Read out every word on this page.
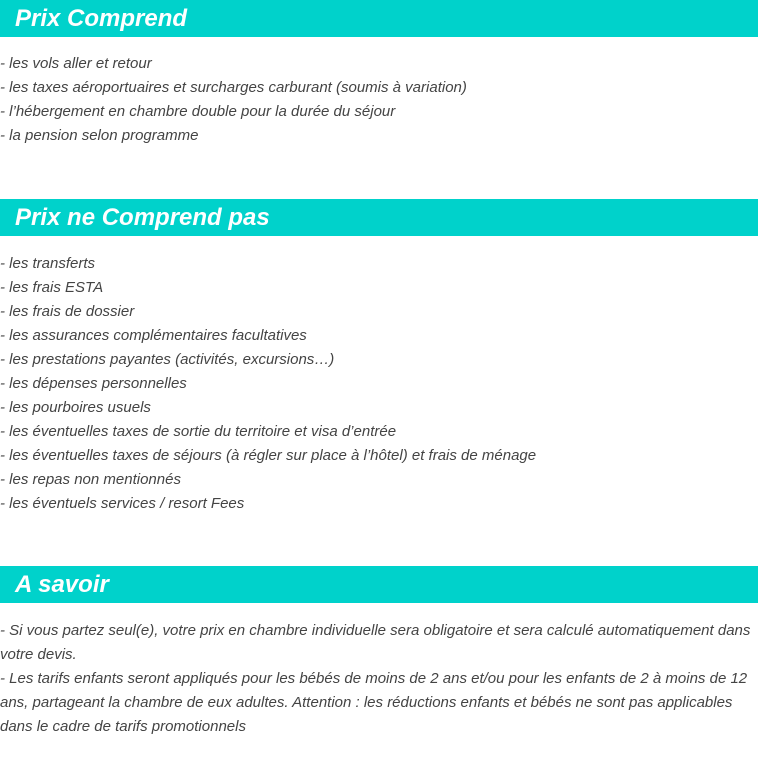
Prix Comprend
- les vols aller et retour
- les taxes aéroportuaires et surcharges carburant (soumis à variation)
- l’hébergement en chambre double pour la durée du séjour
- la pension selon programme
Prix ne Comprend pas
- les transferts
- les frais ESTA
- les frais de dossier
- les assurances complémentaires facultatives
- les prestations payantes (activités, excursions…)
- les dépenses personnelles
- les pourboires usuels
- les éventuelles taxes de sortie du territoire et visa d’entrée
- les éventuelles taxes de séjours (à régler sur place à l’hôtel) et frais de ménage
- les repas non mentionnés
- les éventuels services / resort Fees
A savoir

- Si vous partez seul(e), votre prix en chambre individuelle sera obligatoire et sera calculé automatiquement dans votre devis.

- Les tarifs enfants seront appliqués pour les bébés de moins de 2 ans et/ou pour les enfants de 2 à moins de 12 ans, partageant la chambre de eux adultes. Attention : les réductions enfants et bébés ne sont pas applicables dans le cadre de tarifs promotionnels
